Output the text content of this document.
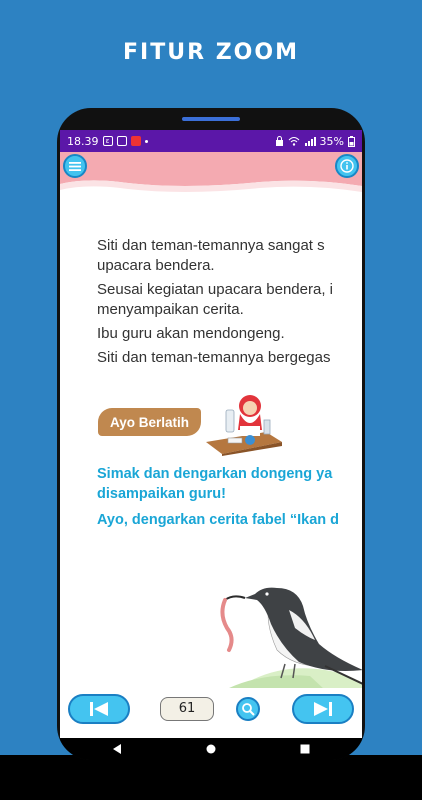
FITUR ZOOM
18.39	ε	35%
Siti dan teman-temannya sangat s
upacara bendera.
Seusai kegiatan upacara bendera, i
menyampaikan cerita.
Ibu guru akan mendongeng.
Siti dan teman-temannya bergegas
Ayo Berlatih
Simak dan dengarkan dongeng ya
disampaikan guru!
Ayo, dengarkan cerita fabel “Ikan d
61
